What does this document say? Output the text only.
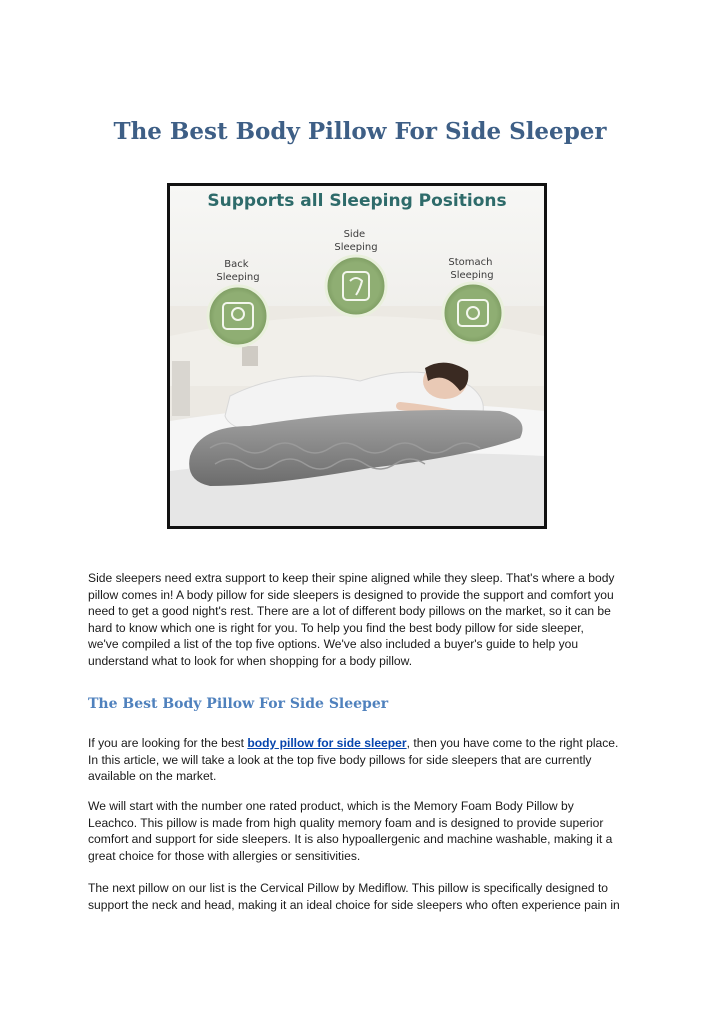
The Best Body Pillow For Side Sleeper
Supports all Sleeping Positions
Back Sleeping
Side Sleeping
Stomach Sleeping
Side sleepers need extra support to keep their spine aligned while they sleep. That's where a body
pillow comes in! A body pillow for side sleepers is designed to provide the support and comfort you
need to get a good night's rest. There are a lot of different body pillows on the market, so it can be
hard to know which one is right for you. To help you find the best body pillow for side sleeper,
we've compiled a list of the top five options. We've also included a buyer's guide to help you
understand what to look for when shopping for a body pillow.
The Best Body Pillow For Side Sleeper
If you are looking for the best body pillow for side sleeper, then you have come to the right place.
In this article, we will take a look at the top five body pillows for side sleepers that are currently
available on the market.
We will start with the number one rated product, which is the Memory Foam Body Pillow by
Leachco. This pillow is made from high quality memory foam and is designed to provide superior
comfort and support for side sleepers. It is also hypoallergenic and machine washable, making it a
great choice for those with allergies or sensitivities.
The next pillow on our list is the Cervical Pillow by Mediflow. This pillow is specifically designed to
support the neck and head, making it an ideal choice for side sleepers who often experience pain in
